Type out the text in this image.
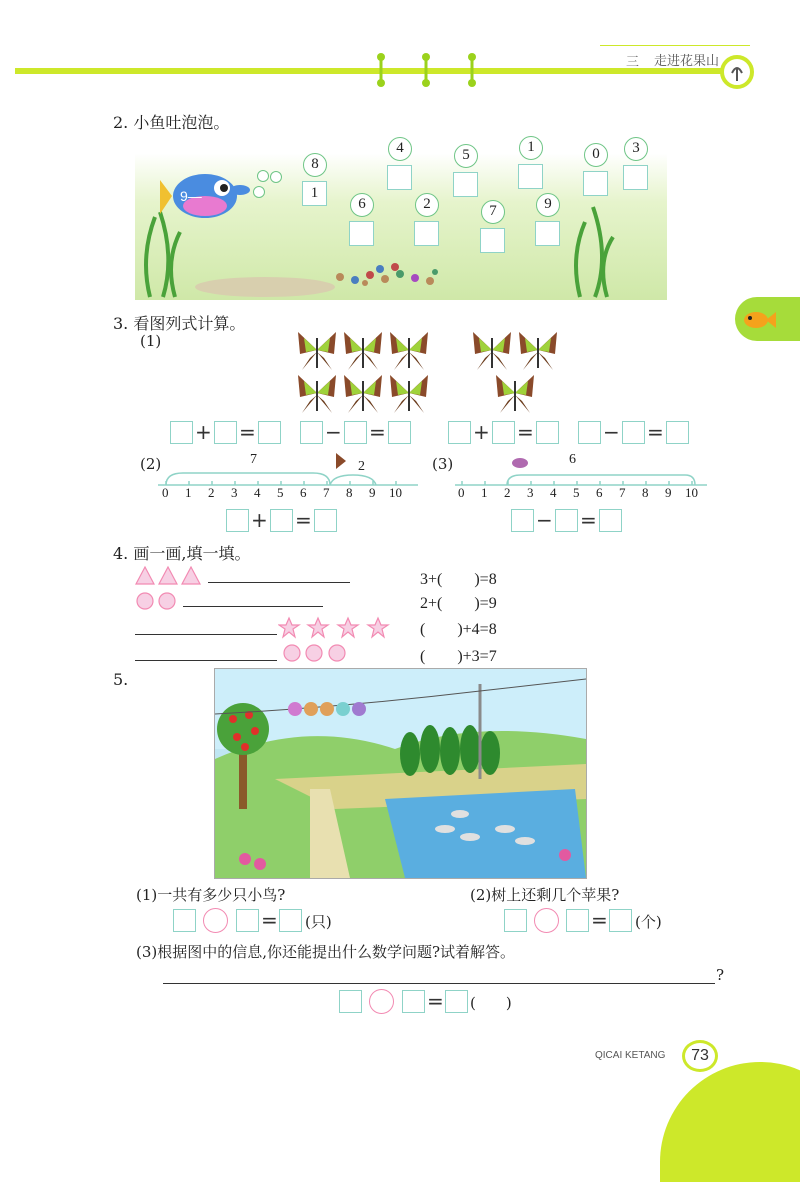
三 走进花果山
2. 小鱼吐泡泡。
9—
8
1
4	5	1	0	3
6	2	7	9
3. 看图列式计算。
(1)
+ =	− =	+ =	− =
(2)	7	2
0 1 2 3 4 5 6 7 8 9 10
+ =
(3)	6
0 1 2 3 4 5 6 7 8 9 10
− =
4. 画一画,填一填。
3+(　　)=8
2+(　　)=9
(　　)+4=8
(　　)+3=7
5.
(1)一共有多少只小鸟?	(2)树上还剩几个苹果?
= (只)	= (个)
(3)根据图中的信息,你还能提出什么数学问题?试着解答。
?
= (　　)
QICAI KETANG	73
